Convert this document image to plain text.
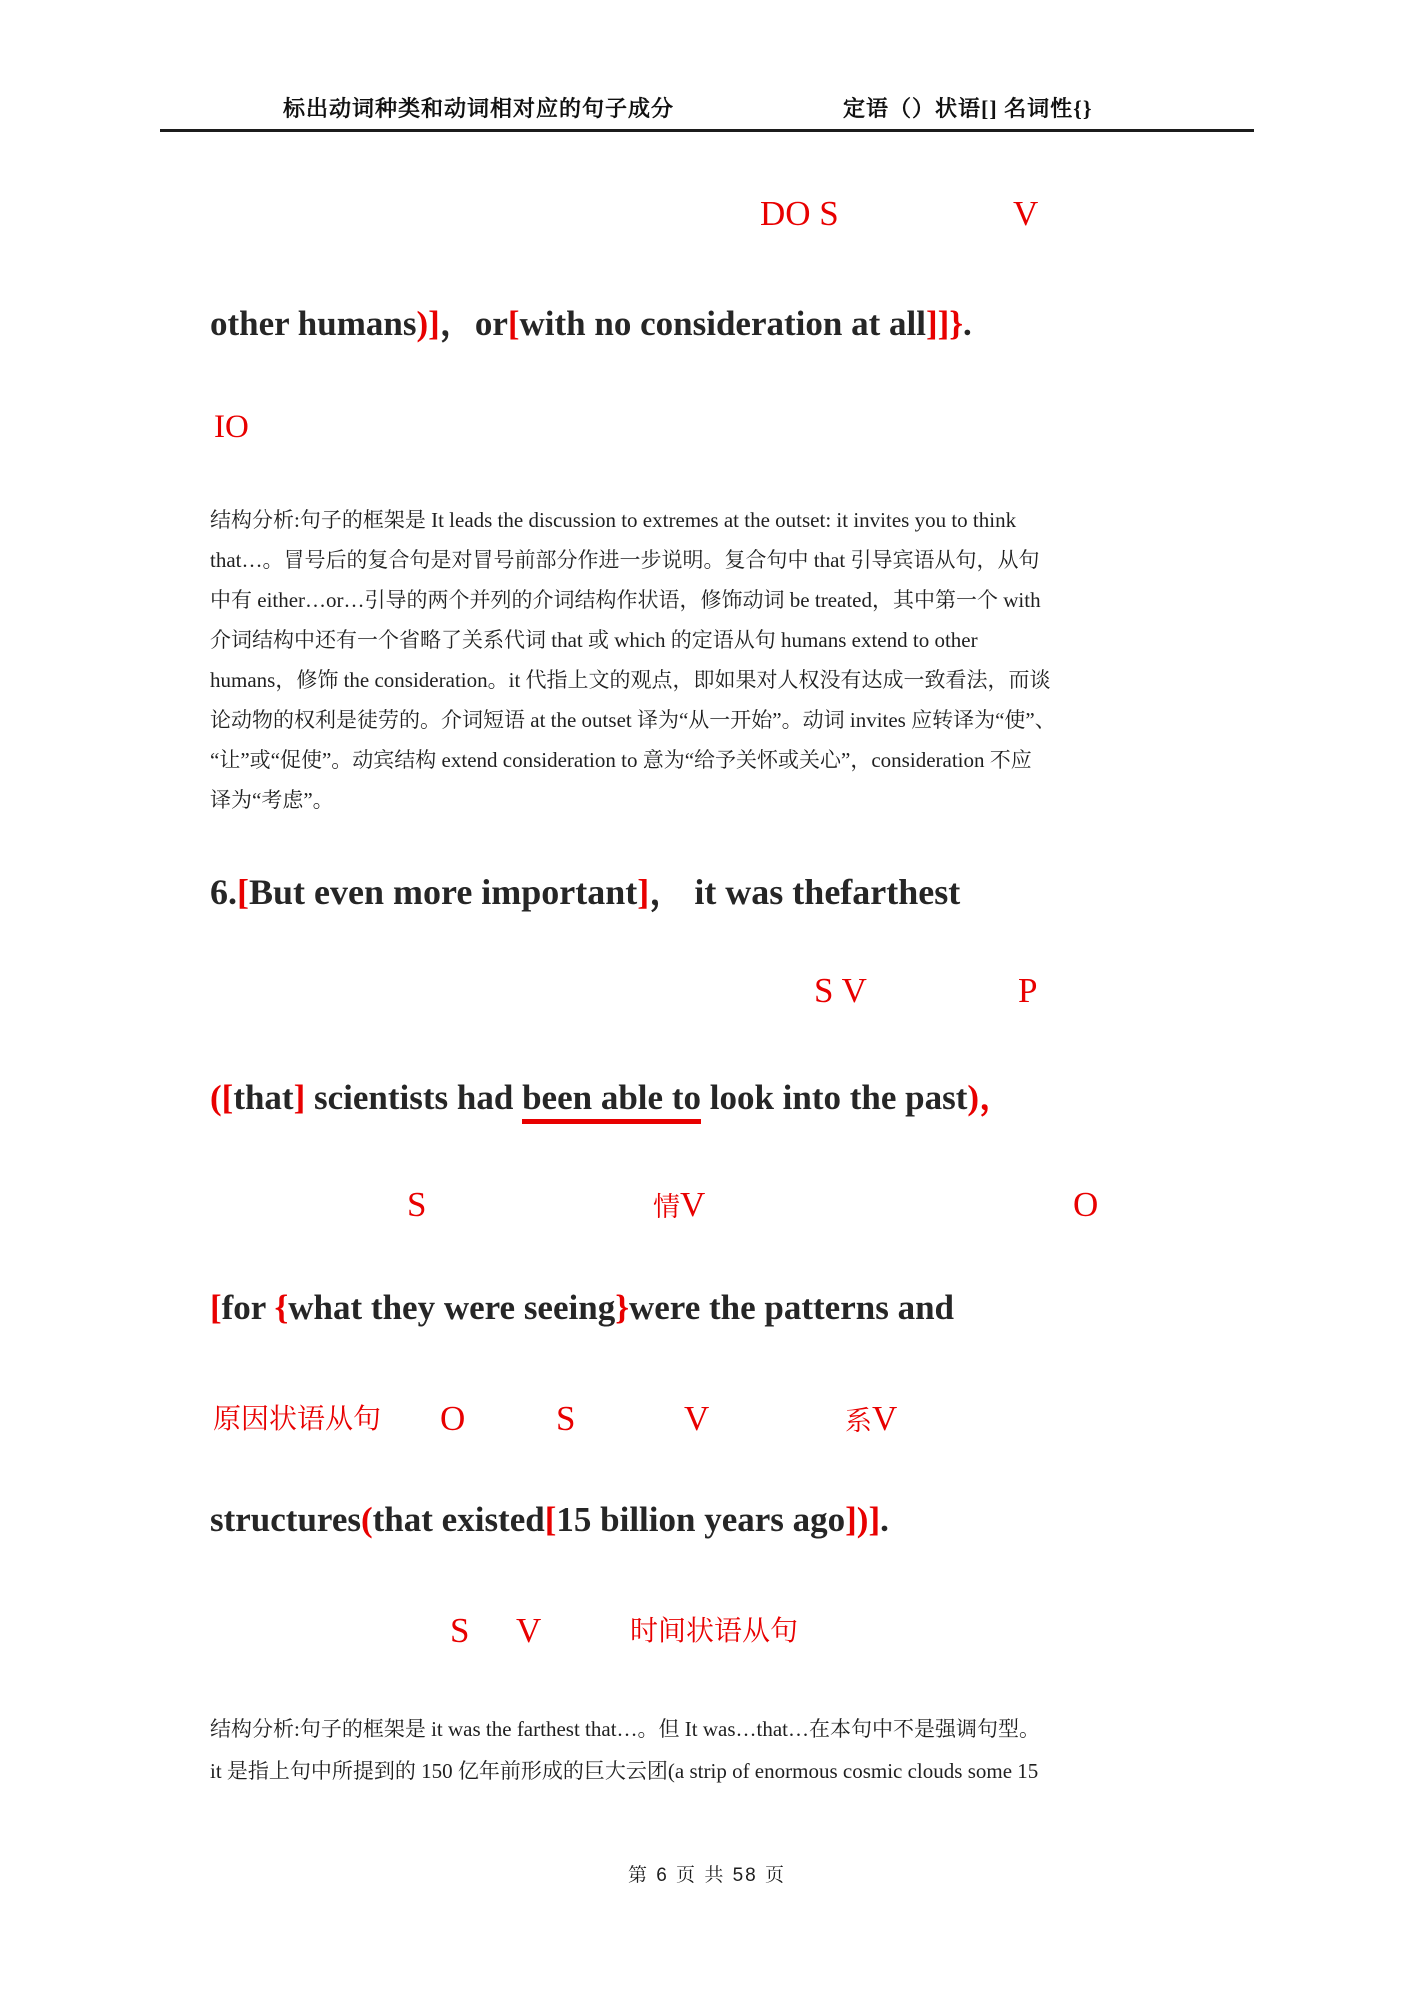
标出动词种类和动词相对应的句子成分	定语（）状语[] 名词性{}
DO S	V
other humans)]，or[with no consideration at all]]}.
IO
结构分析:句子的框架是 It leads the discussion to extremes at the outset: it invites you to think
that…。冒号后的复合句是对冒号前部分作进一步说明。复合句中 that 引导宾语从句，从句
中有 either…or…引导的两个并列的介词结构作状语，修饰动词 be treated，其中第一个 with
介词结构中还有一个省略了关系代词 that 或 which 的定语从句 humans extend to other
humans，修饰 the consideration。it 代指上文的观点，即如果对人权没有达成一致看法，而谈
论动物的权利是徒劳的。介词短语 at the outset 译为“从一开始”。动词 invites 应转译为“使”、
“让”或“促使”。动宾结构 extend consideration to 意为“给予关怀或关心”，consideration 不应
译为“考虑”。
6.[But even more important]， it was thefarthest
S V	P
([that] scientists had been able to look into the past)，
S	情V	O
[for {what they were seeing}were the patterns and
原因状语从句 O	S	V	系V
structures(that existed[15 billion years ago])].
S V	时间状语从句
结构分析:句子的框架是 it was the farthest that…。但 It was…that…在本句中不是强调句型。
it 是指上句中所提到的 150 亿年前形成的巨大云团(a strip of enormous cosmic clouds some 15
第 6 页 共 58 页
